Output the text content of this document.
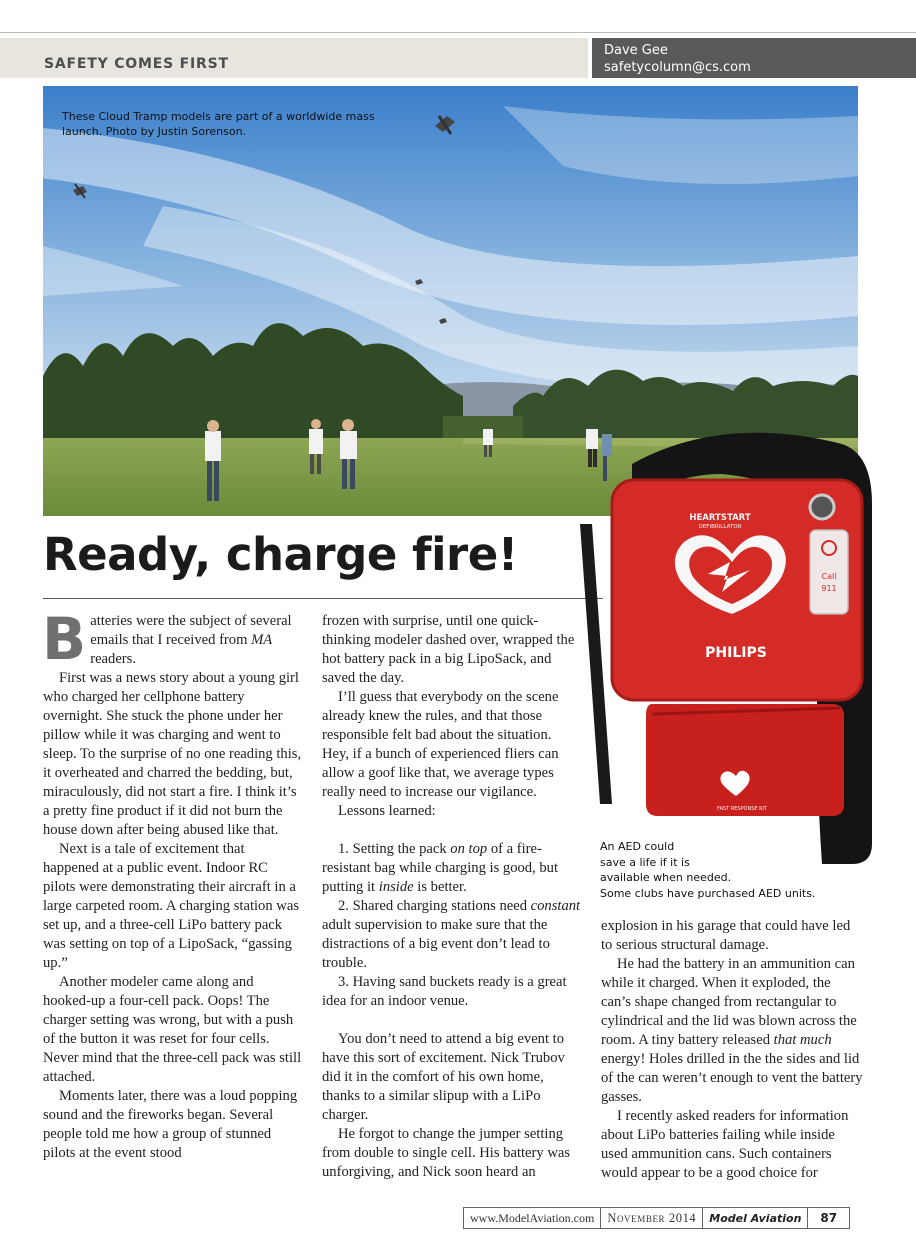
SAFETY COMES FIRST
Dave Gee
safetycolumn@cs.com
These Cloud Tramp models are part of a worldwide mass launch. Photo by Justin Sorenson.
Ready, charge fire!

Batteries were the subject of several emails that I received from MA readers.

First was a news story about a young girl who charged her cellphone battery overnight. She stuck the phone under her pillow while it was charging and went to sleep. To the surprise of no one reading this, it overheated and charred the bedding, but, miraculously, did not start a fire. I think it’s a pretty fine product if it did not burn the house down after being abused like that.

Next is a tale of excitement that happened at a public event. Indoor RC pilots were demonstrating their aircraft in a large carpeted room. A charging station was set up, and a three-cell LiPo battery pack was setting on top of a LipoSack, “gassing up.”

Another modeler came along and hooked-up a four-cell pack. Oops! The charger setting was wrong, but with a push of the button it was reset for four cells. Never mind that the three-cell pack was still attached.

Moments later, there was a loud popping sound and the fireworks began. Several people told me how a group of stunned pilots at the event stood

frozen with surprise, until one quick-thinking modeler dashed over, wrapped the hot battery pack in a big LipoSack, and saved the day.

I’ll guess that everybody on the scene already knew the rules, and that those responsible felt bad about the situation. Hey, if a bunch of experienced fliers can allow a goof like that, we average types really need to increase our vigilance.

Lessons learned:

1. Setting the pack on top of a fire-resistant bag while charging is good, but putting it inside is better.

2. Shared charging stations need constant adult supervision to make sure that the distractions of a big event don’t lead to trouble.

3. Having sand buckets ready is a great idea for an indoor venue.

You don’t need to attend a big event to have this sort of excitement. Nick Trubov did it in the comfort of his own home, thanks to a similar slipup with a LiPo charger.

He forgot to change the jumper setting from double to single cell. His battery was unforgiving, and Nick soon heard an

explosion in his garage that could have led to serious structural damage.

He had the battery in an ammunition can while it charged. When it exploded, the can’s shape changed from rectangular to cylindrical and the lid was blown across the room. A tiny battery released that much energy! Holes drilled in the the sides and lid of the can weren’t enough to vent the battery gasses.

I recently asked readers for information about LiPo batteries failing while inside used ammunition cans. Such containers would appear to be a good choice for

HEARTSTART
DEFIBRILLATOR
Call
911
PHILIPS
FAST RESPONSE KIT
An AED could
save a life if it is
available when needed.
Some clubs have purchased AED units.
www.ModelAviation.com	November 2014	Model Aviation	87
